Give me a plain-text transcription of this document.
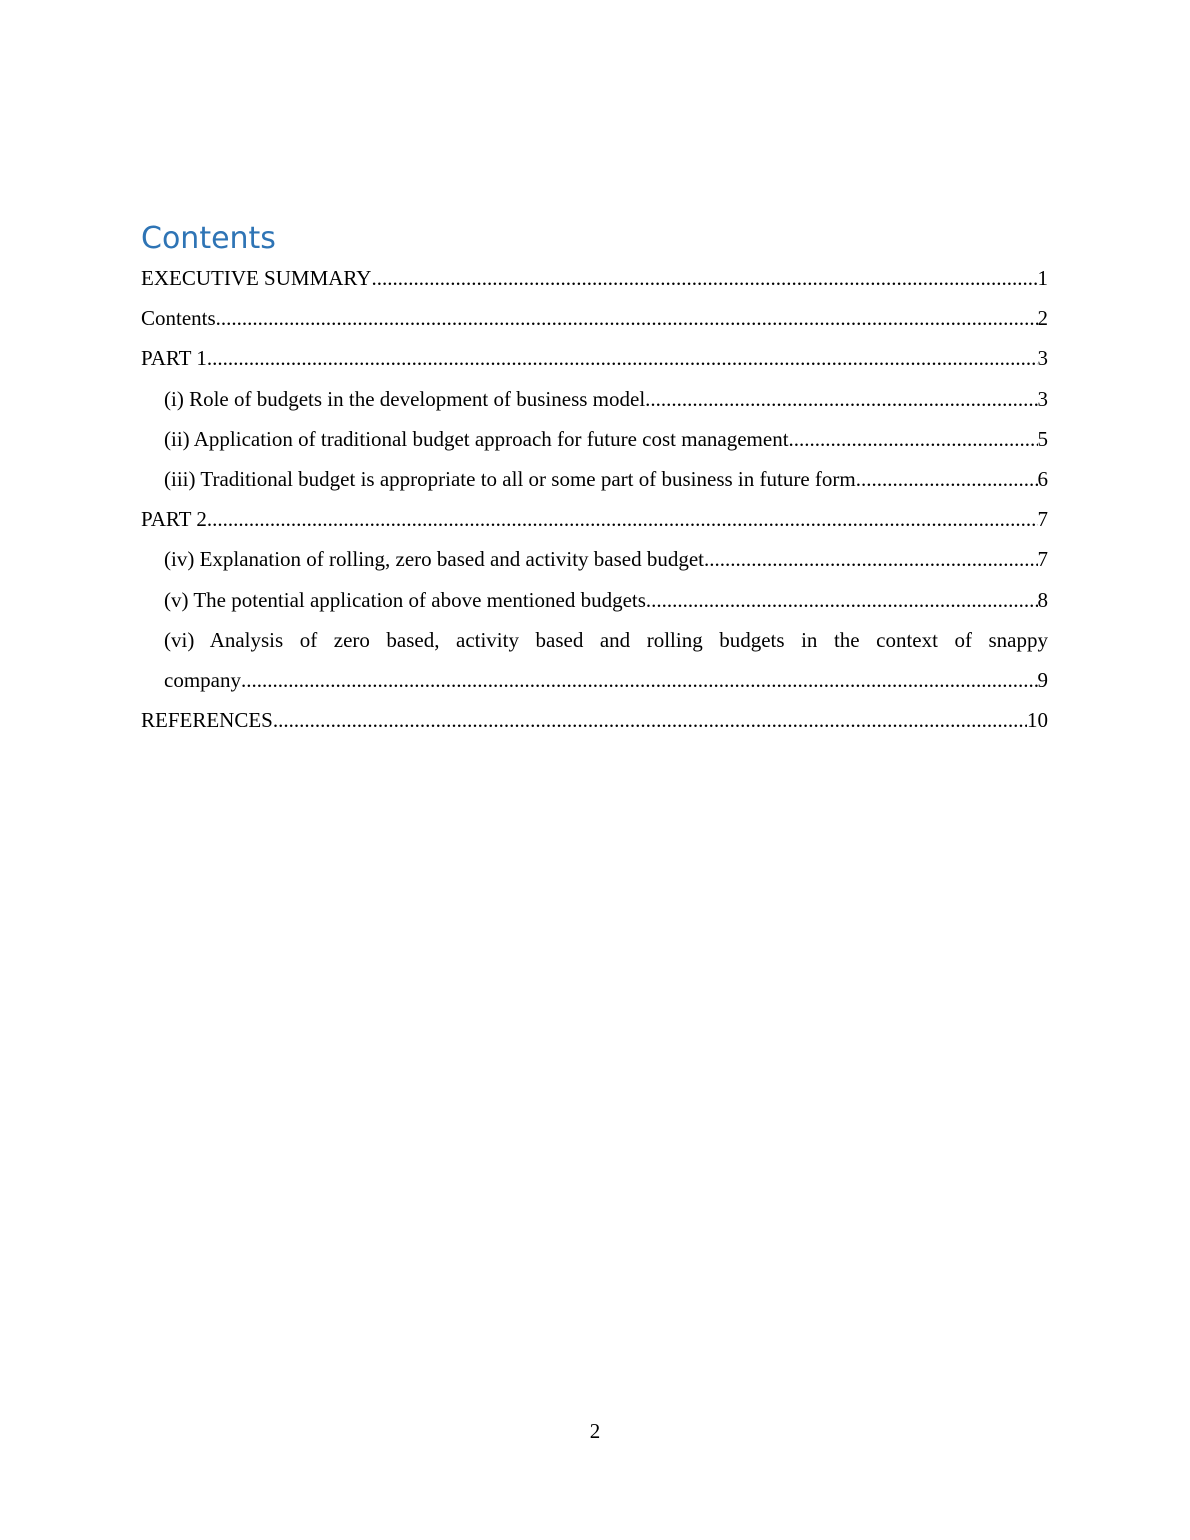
Contents
EXECUTIVE SUMMARY .....	1
Contents .....	2
PART 1 .....	3
(i) Role of budgets in the development of business model .....	3
(ii) Application of traditional budget approach for future cost management .....	5
(iii) Traditional budget is appropriate to all or some part of business in future form .....	6
PART 2 .....	7
(iv) Explanation of rolling, zero based and activity based budget .....	7
(v) The potential application of above mentioned budgets .....	8
(vi) Analysis of zero based, activity based and rolling budgets in the context of snappy
company .....	9
REFERENCES .....	10
2
